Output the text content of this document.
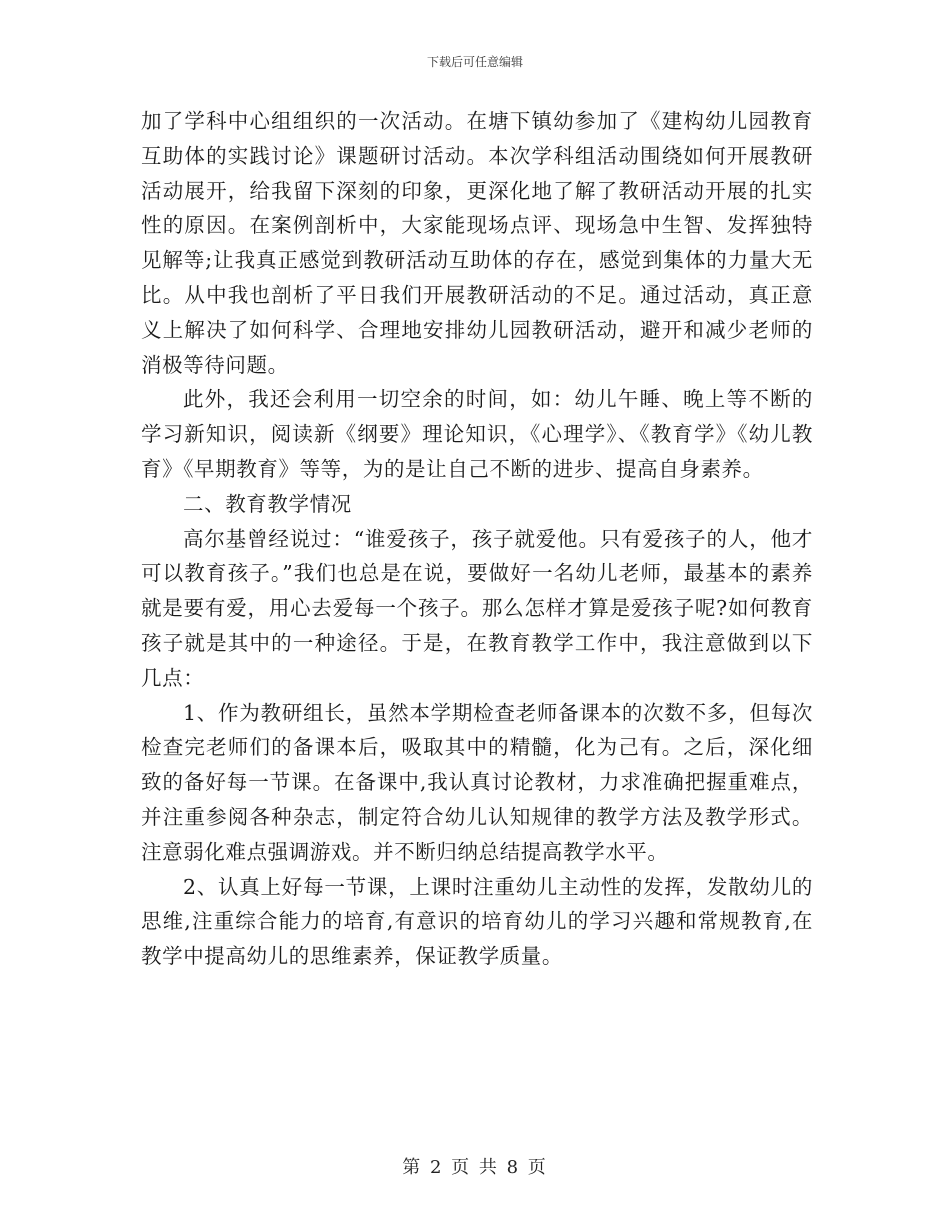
下载后可任意编辑

加了学科中心组组织的一次活动。在塘下镇幼参加了《建构幼儿园教育互助体的实践讨论》课题研讨活动。本次学科组活动围绕如何开展教研活动展开，给我留下深刻的印象，更深化地了解了教研活动开展的扎实性的原因。在案例剖析中，大家能现场点评、现场急中生智、发挥独特见解等;让我真正感觉到教研活动互助体的存在，感觉到集体的力量大无比。从中我也剖析了平日我们开展教研活动的不足。通过活动，真正意义上解决了如何科学、合理地安排幼儿园教研活动，避开和减少老师的消极等待问题。

此外，我还会利用一切空余的时间，如：幼儿午睡、晚上等不断的学习新知识，阅读新《纲要》理论知识，《心理学》、《教育学》《幼儿教育》《早期教育》等等，为的是让自己不断的进步、提高自身素养。

二、教育教学情况

高尔基曾经说过：“谁爱孩子，孩子就爱他。只有爱孩子的人，他才可以教育孩子。”我们也总是在说，要做好一名幼儿老师，最基本的素养就是要有爱，用心去爱每一个孩子。那么怎样才算是爱孩子呢?如何教育孩子就是其中的一种途径。于是，在教育教学工作中，我注意做到以下几点：

1、作为教研组长，虽然本学期检查老师备课本的次数不多，但每次检查完老师们的备课本后，吸取其中的精髓，化为己有。之后，深化细致的备好每一节课。在备课中,我认真讨论教材，力求准确把握重难点，并注重参阅各种杂志，制定符合幼儿认知规律的教学方法及教学形式。注意弱化难点强调游戏。并不断归纳总结提高教学水平。

2、认真上好每一节课，上课时注重幼儿主动性的发挥，发散幼儿的思维,注重综合能力的培育,有意识的培育幼儿的学习兴趣和常规教育,在教学中提高幼儿的思维素养，保证教学质量。

第 2 页 共 8 页
